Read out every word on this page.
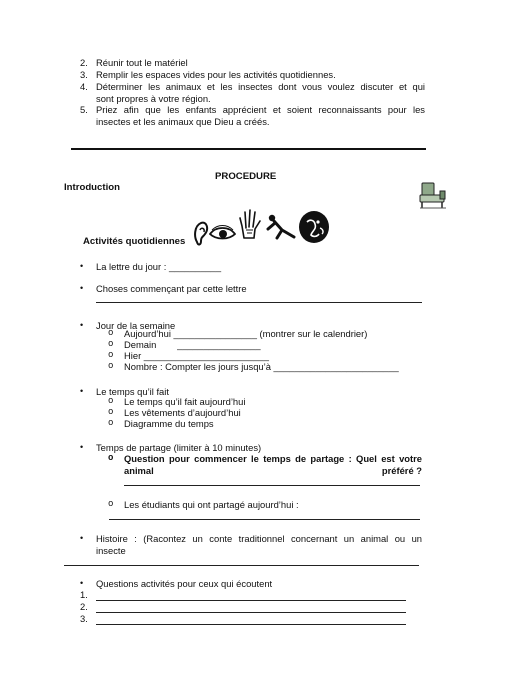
2. Réunir tout le matériel
3. Remplir les espaces vides pour les activités quotidiennes.
4. Déterminer les animaux et les insectes dont vous voulez discuter et qui
sont propres à votre région.
5. Priez afin que les enfants apprécient et soient reconnaissants pour les
insectes et les animaux que Dieu a créés.
PROCEDURE
Introduction
Activités quotidiennes
• La lettre du jour : __________
• Choses commençant par cette lettre
• Jour de la semaine
o Aujourd’hui ________________ (montrer sur le calendrier)
o Demain        ________________
o Hier ________________________
o Nombre : Compter les jours jusqu’à ________________________
• Le temps qu’il fait
o Le temps qu’il fait aujourd’hui
o Les vêtements d’aujourd’hui
o Diagramme du temps
• Temps de partage (limiter à 10 minutes)
o Question pour commencer le temps de partage : Quel est votre
animal	préféré ?
o Les étudiants qui ont partagé aujourd’hui :
• Histoire : (Racontez un conte traditionnel concernant un animal ou un
insecte
• Questions activités pour ceux qui écoutent
1.
2.
3.
